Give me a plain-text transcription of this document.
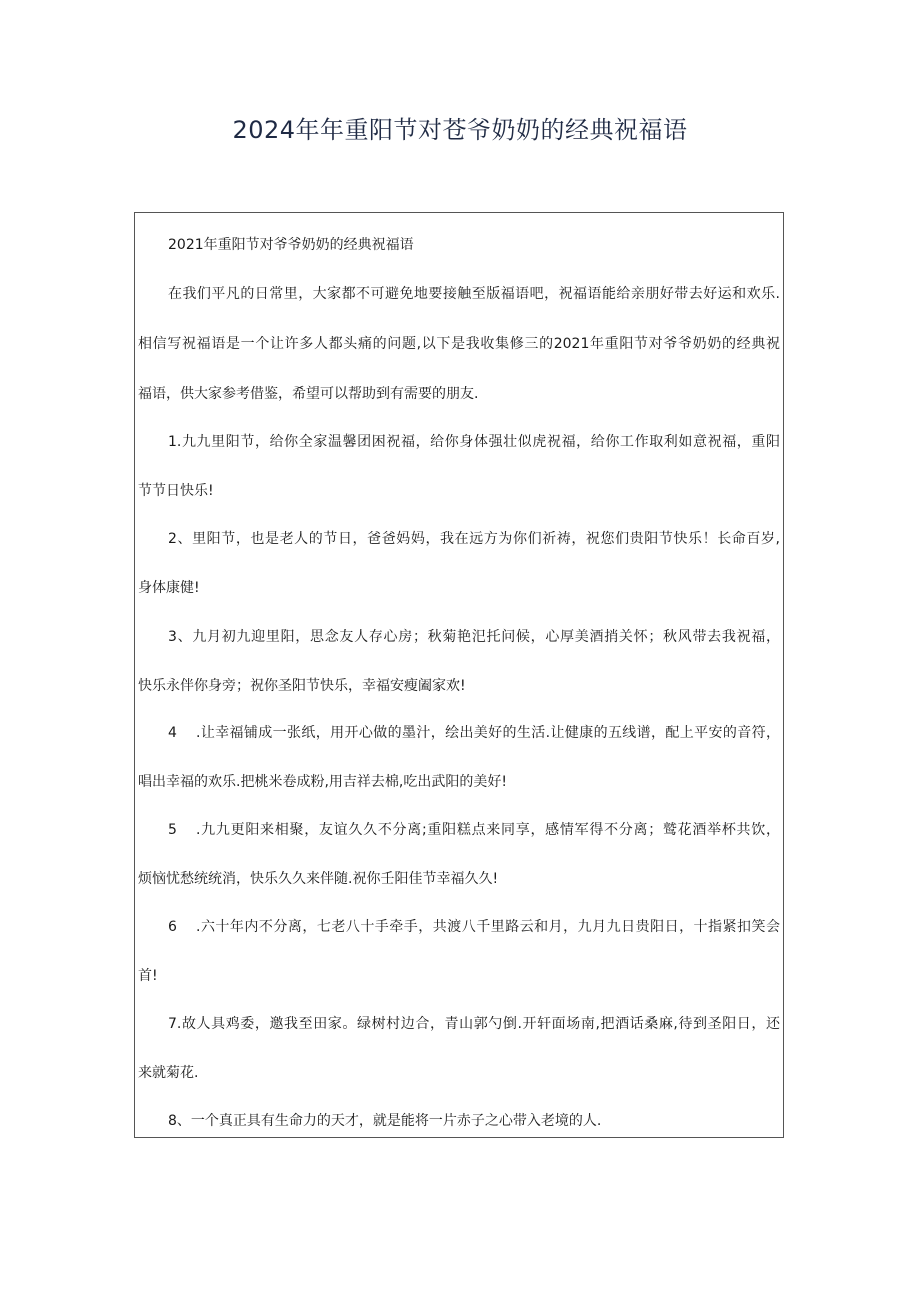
2024年年重阳节对苍爷奶奶的经典祝福语
2021年重阳节对爷爷奶奶的经典祝福语
在我们平凡的日常里，大家都不可避免地要接触至版福语吧，祝福语能给亲朋好带去好运和欢乐.
相信写祝福语是一个让许多人都头痛的问题,以下是我收集修三的2021年重阳节对爷爷奶奶的经典祝
福语，供大家参考借鉴，希望可以帮助到有需要的朋友.
1.九九里阳节，给你全家温馨团困祝福，给你身体强壮似虎祝福，给你工作取利如意祝福，重阳
节节日快乐!
2、里阳节，也是老人的节日，爸爸妈妈，我在远方为你们祈祷，祝您们贵阳节快乐！长命百岁,
身体康健!
3、九月初九迎里阳，思念友人存心房；秋菊艳汜托问候，心厚美酒捎关怀；秋风带去我祝福，
快乐永伴你身旁；祝你圣阳节快乐，幸福安瘦阖家欢!
4 .让幸福铺成一张纸，用开心做的墨汁，绘出美好的生活.让健康的五线谱，配上平安的音符，
唱出幸福的欢乐.把桃米卷成粉,用吉祥去棉,吃出武阳的美好!
5 .九九更阳来相聚，友谊久久不分离;重阳糕点来同享，感情军得不分离；鹫花酒举杯共饮，
烦恼忧愁统统消，快乐久久来伴随.祝你壬阳佳节幸福久久!
6 .六十年内不分离，七老八十手牵手，共渡八千里路云和月，九月九日贵阳日，十指紧扣笑会
首!
7.故人具鸡委，邀我至田家。绿树村边合，青山郭勺倒.开轩面场南,把酒话桑麻,待到圣阳日，还
来就菊花.
8、一个真正具有生命力的天才，就是能将一片赤子之心带入老境的人.
